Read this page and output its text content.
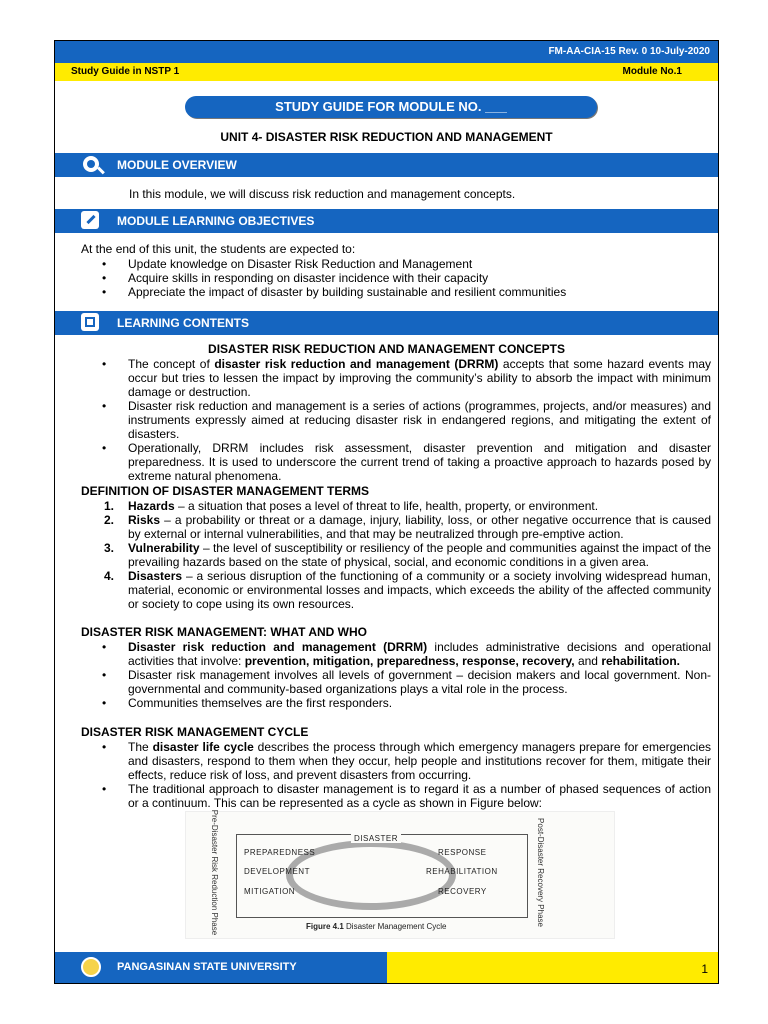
FM-AA-CIA-15 Rev. 0 10-July-2020
Study Guide in NSTP 1	Module No.1
STUDY GUIDE FOR MODULE NO. ___
UNIT 4- DISASTER RISK REDUCTION AND MANAGEMENT
MODULE OVERVIEW
In this module, we will discuss risk reduction and management concepts.
MODULE LEARNING OBJECTIVES
At the end of this unit, the students are expected to:
• Update knowledge on Disaster Risk Reduction and Management
• Acquire skills in responding on disaster incidence with their capacity
• Appreciate the impact of disaster by building sustainable and resilient communities
LEARNING CONTENTS
DISASTER RISK REDUCTION AND MANAGEMENT CONCEPTS
• The concept of disaster risk reduction and management (DRRM) accepts that some hazard events may occur but tries to lessen the impact by improving the community’s ability to absorb the impact with minimum damage or destruction.
• Disaster risk reduction and management is a series of actions (programmes, projects, and/or measures) and instruments expressly aimed at reducing disaster risk in endangered regions, and mitigating the extent of disasters.
• Operationally, DRRM includes risk assessment, disaster prevention and mitigation and disaster preparedness. It is used to underscore the current trend of taking a proactive approach to hazards posed by extreme natural phenomena.
DEFINITION OF DISASTER MANAGEMENT TERMS
1. Hazards – a situation that poses a level of threat to life, health, property, or environment.
2. Risks – a probability or threat or a damage, injury, liability, loss, or other negative occurrence that is caused by external or internal vulnerabilities, and that may be neutralized through pre-emptive action.
3. Vulnerability – the level of susceptibility or resiliency of the people and communities against the impact of the prevailing hazards based on the state of physical, social, and economic conditions in a given area.
4. Disasters – a serious disruption of the functioning of a community or a society involving widespread human, material, economic or environmental losses and impacts, which exceeds the ability of the affected community or society to cope using its own resources.
DISASTER RISK MANAGEMENT: WHAT AND WHO
• Disaster risk reduction and management (DRRM) includes administrative decisions and operational activities that involve: prevention, mitigation, preparedness, response, recovery, and rehabilitation.
• Disaster risk management involves all levels of government – decision makers and local government. Non-governmental and community-based organizations plays a vital role in the process.
• Communities themselves are the first responders.
DISASTER RISK MANAGEMENT CYCLE
• The disaster life cycle describes the process through which emergency managers prepare for emergencies and disasters, respond to them when they occur, help people and institutions recover for them, mitigate their effects, reduce risk of loss, and prevent disasters from occurring.
• The traditional approach to disaster management is to regard it as a number of phased sequences of action or a continuum. This can be represented as a cycle as shown in Figure below:
Pre-Disaster Risk Reduction Phase	Post-Disaster Recovery Phase
DISASTER
PREPAREDNESS
DEVELOPMENT
MITIGATION
RESPONSE
REHABILITATION
RECOVERY
Figure 4.1 Disaster Management Cycle
PANGASINAN STATE UNIVERSITY	1
